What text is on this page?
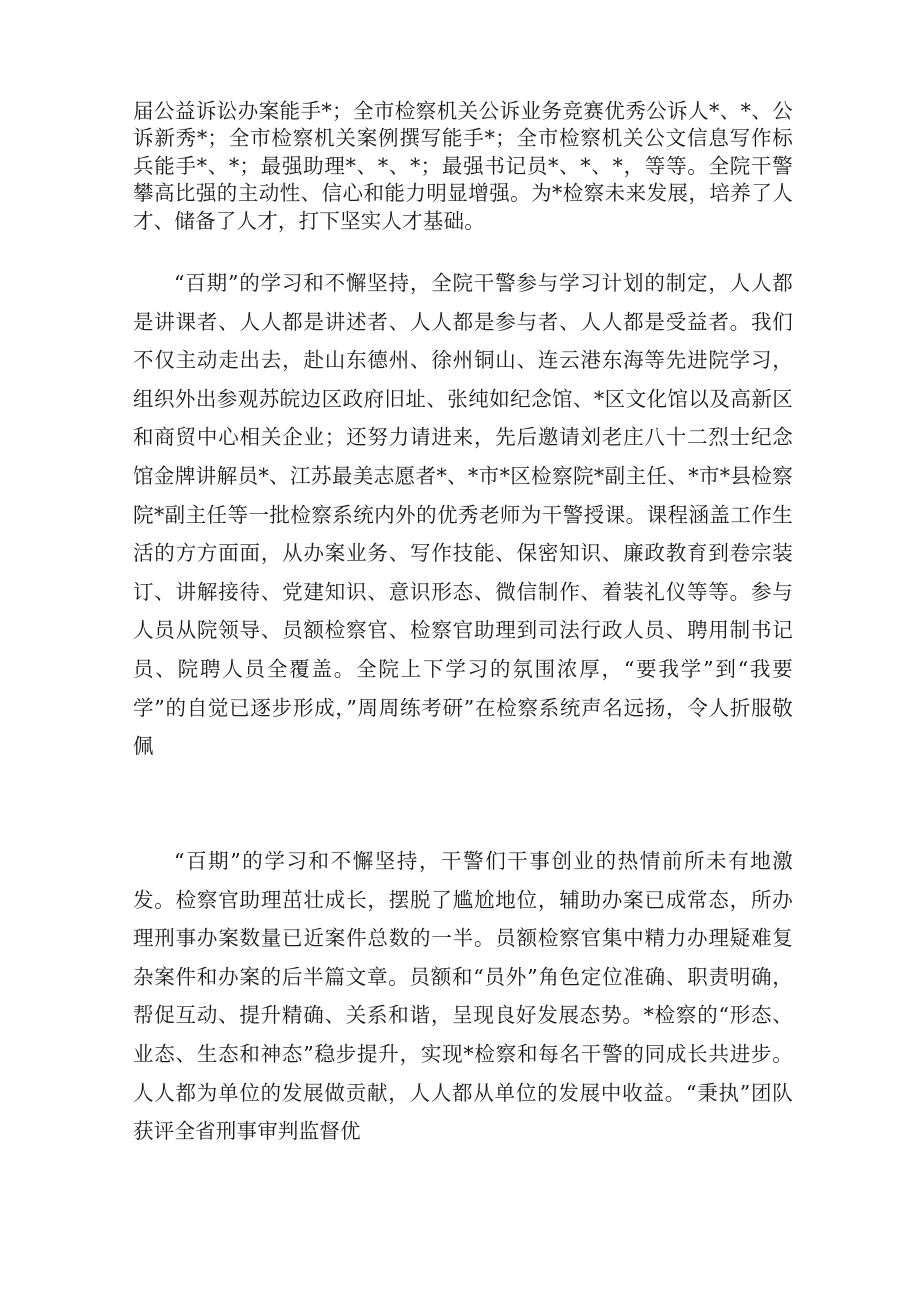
届公益诉讼办案能手*；全市检察机关公诉业务竞赛优秀公诉人*、*、公诉新秀*；全市检察机关案例撰写能手*；全市检察机关公文信息写作标兵能手*、*；最强助理*、*、*；最强书记员*、*、*，等等。全院干警攀高比强的主动性、信心和能力明显增强。为*检察未来发展，培养了人才、储备了人才，打下坚实人才基础。

“百期”的学习和不懈坚持，全院干警参与学习计划的制定，人人都是讲课者、人人都是讲述者、人人都是参与者、人人都是受益者。我们不仅主动走出去，赴山东德州、徐州铜山、连云港东海等先进院学习，组织外出参观苏皖边区政府旧址、张纯如纪念馆、*区文化馆以及高新区和商贸中心相关企业；还努力请进来，先后邀请刘老庄八十二烈士纪念馆金牌讲解员*、江苏最美志愿者*、*市*区检察院*副主任、*市*县检察院*副主任等一批检察系统内外的优秀老师为干警授课。课程涵盖工作生活的方方面面，从办案业务、写作技能、保密知识、廉政教育到卷宗装订、讲解接待、党建知识、意识形态、微信制作、着装礼仪等等。参与人员从院领导、员额检察官、检察官助理到司法行政人员、聘用制书记员、院聘人员全覆盖。全院上下学习的氛围浓厚，“要我学”到“我要学”的自觉已逐步形成，”周周练考研”在检察系统声名远扬，令人折服敬佩

“百期”的学习和不懈坚持，干警们干事创业的热情前所未有地激发。检察官助理茁壮成长，摆脱了尴尬地位，辅助办案已成常态，所办理刑事办案数量已近案件总数的一半。员额检察官集中精力办理疑难复杂案件和办案的后半篇文章。员额和“员外”角色定位准确、职责明确，帮促互动、提升精确、关系和谐，呈现良好发展态势。*检察的“形态、业态、生态和神态”稳步提升，实现*检察和每名干警的同成长共进步。人人都为单位的发展做贡献，人人都从单位的发展中收益。“秉执”团队获评全省刑事审判监督优
